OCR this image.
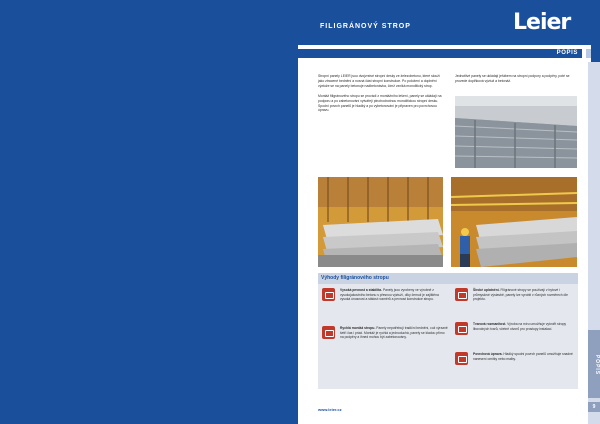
FILIGRÁNOVÝ STROP	Leier
POPIS
POPIS
9

Stropní panely LEIER jsou dvojvrstvé stropní desky ze železobetonu, které slouží jako ztracené bednění a nosná část stropní konstrukce. Po položení a doplnění výztuže se na panely betonuje nadbetonávka, čímž vzniká monolitický strop.

Montáž filigránového stropu se provádí z montážního lešení, panely se ukládají na podporu a po zabetonování vytvářejí plnohodnotnou monolitickou stropní desku. Spodní povrch panelů je hladký a po vybetonování je připraven pro povrchovou úpravu.

Jednotlivé panely se ukládají jeřábem na stropní podpory a podpěry, poté se provede doplňková výztuž a betonáž.

Výhody filigránového stropu
Vysoká pevnost a stabilita. Panely jsou vyrobeny ve výrobně z vysokojakostního betonu s přesnou výztuží, díky čemuž je zajištěna vysoká únosnost a stálost rozměrů a pevnost konstrukce stropu.
Rychlá montáž stropu. Panely nepotřebují tradiční bednění, což výrazně šetří čas i práci. Montáž je rychlá a jednoduchá, panely se kladou přímo na podpěry a ihned mohou být zabetonovány.
Široké uplatnění. Filigránové stropy se používají v bytové i průmyslové výstavbě, panely lze vyrobit v různých rozměrech dle projektu.
Tvarová rozmanitost. Výroba na míru umožňuje vytvořit stropy libovolných tvarů, včetně otvorů pro prostupy instalací.
Povrchová úprava. Hladký spodní povrch panelů umožňuje snadné nanesení omítky nebo malby.
www.leier.cz
